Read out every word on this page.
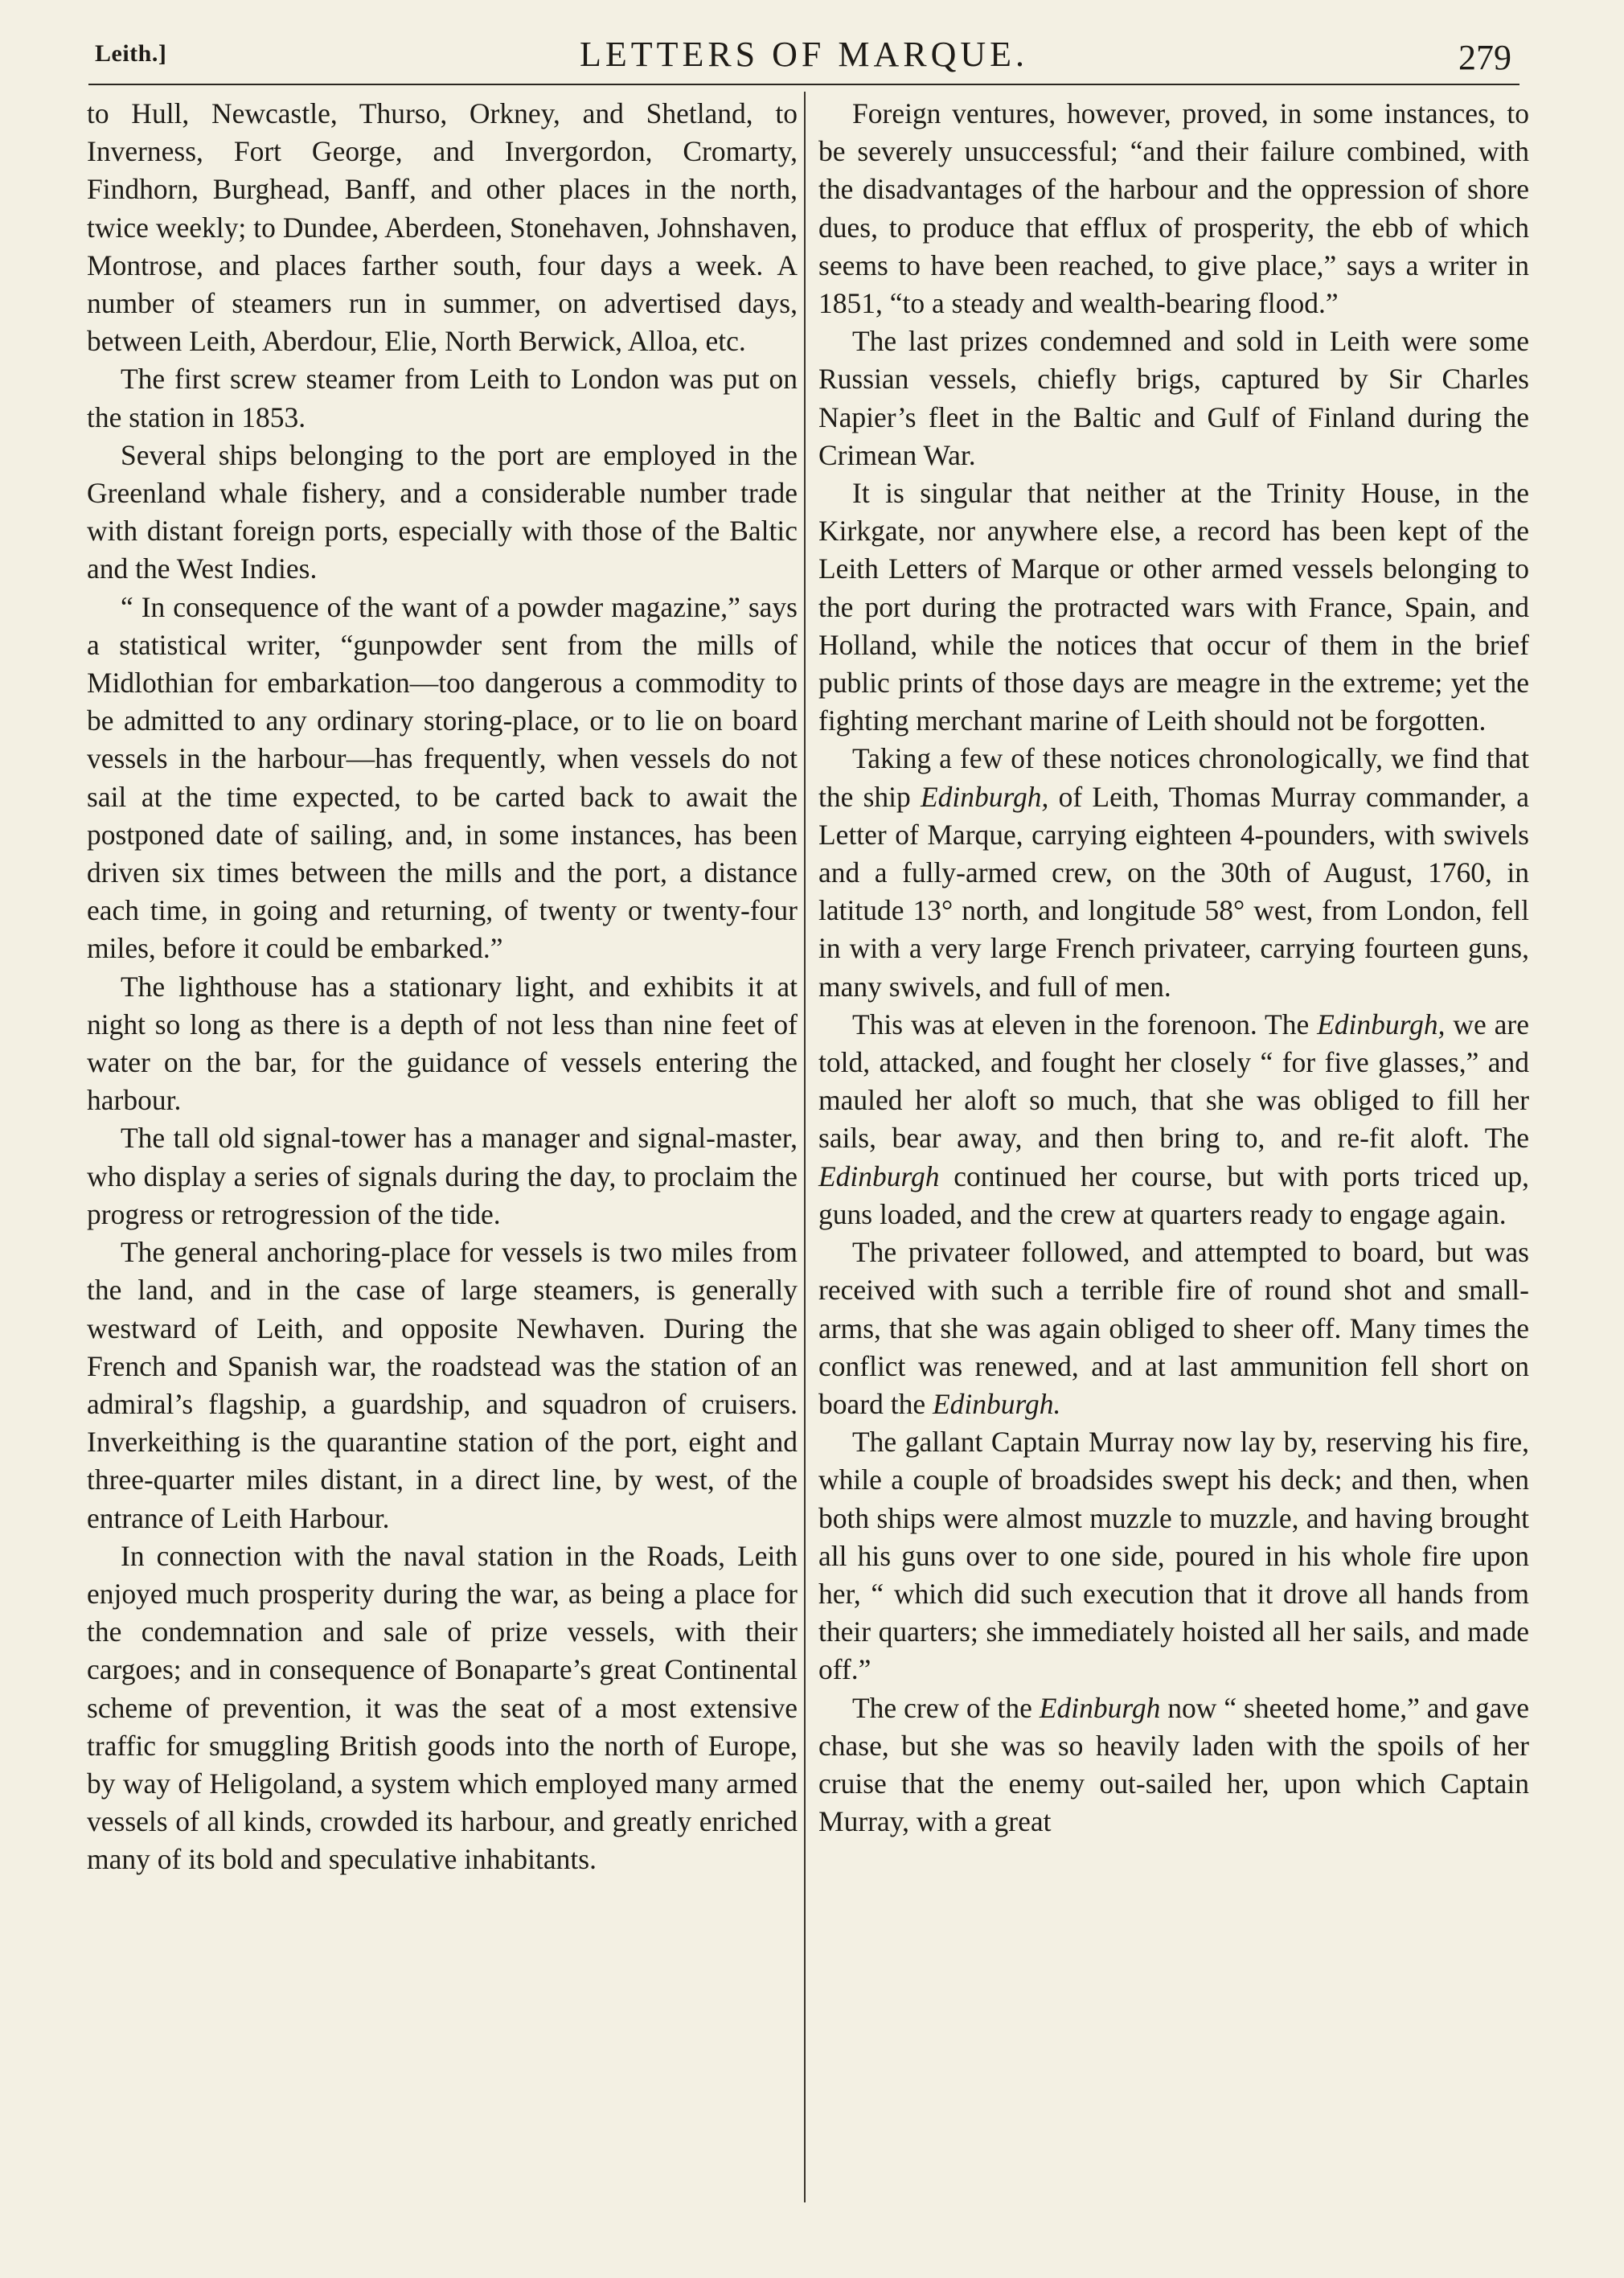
Leith.]	LETTERS OF MARQUE.	279

to Hull, Newcastle, Thurso, Orkney, and Shetland, to Inverness, Fort George, and Invergordon, Cromarty, Findhorn, Burghead, Banff, and other places in the north, twice weekly; to Dundee, Aberdeen, Stonehaven, Johnshaven, Montrose, and places farther south, four days a week. A number of steamers run in summer, on advertised days, between Leith, Aberdour, Elie, North Berwick, Alloa, etc.

The first screw steamer from Leith to London was put on the station in 1853.

Several ships belonging to the port are employed in the Greenland whale fishery, and a considerable number trade with distant foreign ports, especially with those of the Baltic and the West Indies.

“ In consequence of the want of a powder magazine,” says a statistical writer, “gunpowder sent from the mills of Midlothian for embarkation—too dangerous a commodity to be admitted to any ordinary storing-place, or to lie on board vessels in the harbour—has frequently, when vessels do not sail at the time expected, to be carted back to await the postponed date of sailing, and, in some instances, has been driven six times between the mills and the port, a distance each time, in going and returning, of twenty or twenty-four miles, before it could be embarked.”

The lighthouse has a stationary light, and exhibits it at night so long as there is a depth of not less than nine feet of water on the bar, for the guidance of vessels entering the harbour.

The tall old signal-tower has a manager and signal-master, who display a series of signals during the day, to proclaim the progress or retrogression of the tide.

The general anchoring-place for vessels is two miles from the land, and in the case of large steamers, is generally westward of Leith, and opposite Newhaven. During the French and Spanish war, the roadstead was the station of an admiral’s flagship, a guardship, and squadron of cruisers. Inverkeithing is the quarantine station of the port, eight and three-quarter miles distant, in a direct line, by west, of the entrance of Leith Harbour.

In connection with the naval station in the Roads, Leith enjoyed much prosperity during the war, as being a place for the condemnation and sale of prize vessels, with their cargoes; and in consequence of Bonaparte’s great Continental scheme of prevention, it was the seat of a most extensive traffic for smuggling British goods into the north of Europe, by way of Heligoland, a system which employed many armed vessels of all kinds, crowded its harbour, and greatly enriched many of its bold and speculative inhabitants.

Foreign ventures, however, proved, in some instances, to be severely unsuccessful; “and their failure combined, with the disadvantages of the harbour and the oppression of shore dues, to produce that efflux of prosperity, the ebb of which seems to have been reached, to give place,” says a writer in 1851, “to a steady and wealth-bearing flood.”

The last prizes condemned and sold in Leith were some Russian vessels, chiefly brigs, captured by Sir Charles Napier’s fleet in the Baltic and Gulf of Finland during the Crimean War.

It is singular that neither at the Trinity House, in the Kirkgate, nor anywhere else, a record has been kept of the Leith Letters of Marque or other armed vessels belonging to the port during the protracted wars with France, Spain, and Holland, while the notices that occur of them in the brief public prints of those days are meagre in the extreme; yet the fighting merchant marine of Leith should not be forgotten.

Taking a few of these notices chronologically, we find that the ship Edinburgh, of Leith, Thomas Murray commander, a Letter of Marque, carrying eighteen 4-pounders, with swivels and a fully-armed crew, on the 30th of August, 1760, in latitude 13° north, and longitude 58° west, from London, fell in with a very large French privateer, carrying fourteen guns, many swivels, and full of men.

This was at eleven in the forenoon. The Edinburgh, we are told, attacked, and fought her closely “ for five glasses,” and mauled her aloft so much, that she was obliged to fill her sails, bear away, and then bring to, and re-fit aloft. The Edinburgh continued her course, but with ports triced up, guns loaded, and the crew at quarters ready to engage again.

The privateer followed, and attempted to board, but was received with such a terrible fire of round shot and small-arms, that she was again obliged to sheer off. Many times the conflict was renewed, and at last ammunition fell short on board the Edinburgh.

The gallant Captain Murray now lay by, reserving his fire, while a couple of broadsides swept his deck; and then, when both ships were almost muzzle to muzzle, and having brought all his guns over to one side, poured in his whole fire upon her, “ which did such execution that it drove all hands from their quarters; she immediately hoisted all her sails, and made off.”

The crew of the Edinburgh now “ sheeted home,” and gave chase, but she was so heavily laden with the spoils of her cruise that the enemy out-sailed her, upon which Captain Murray, with a great
